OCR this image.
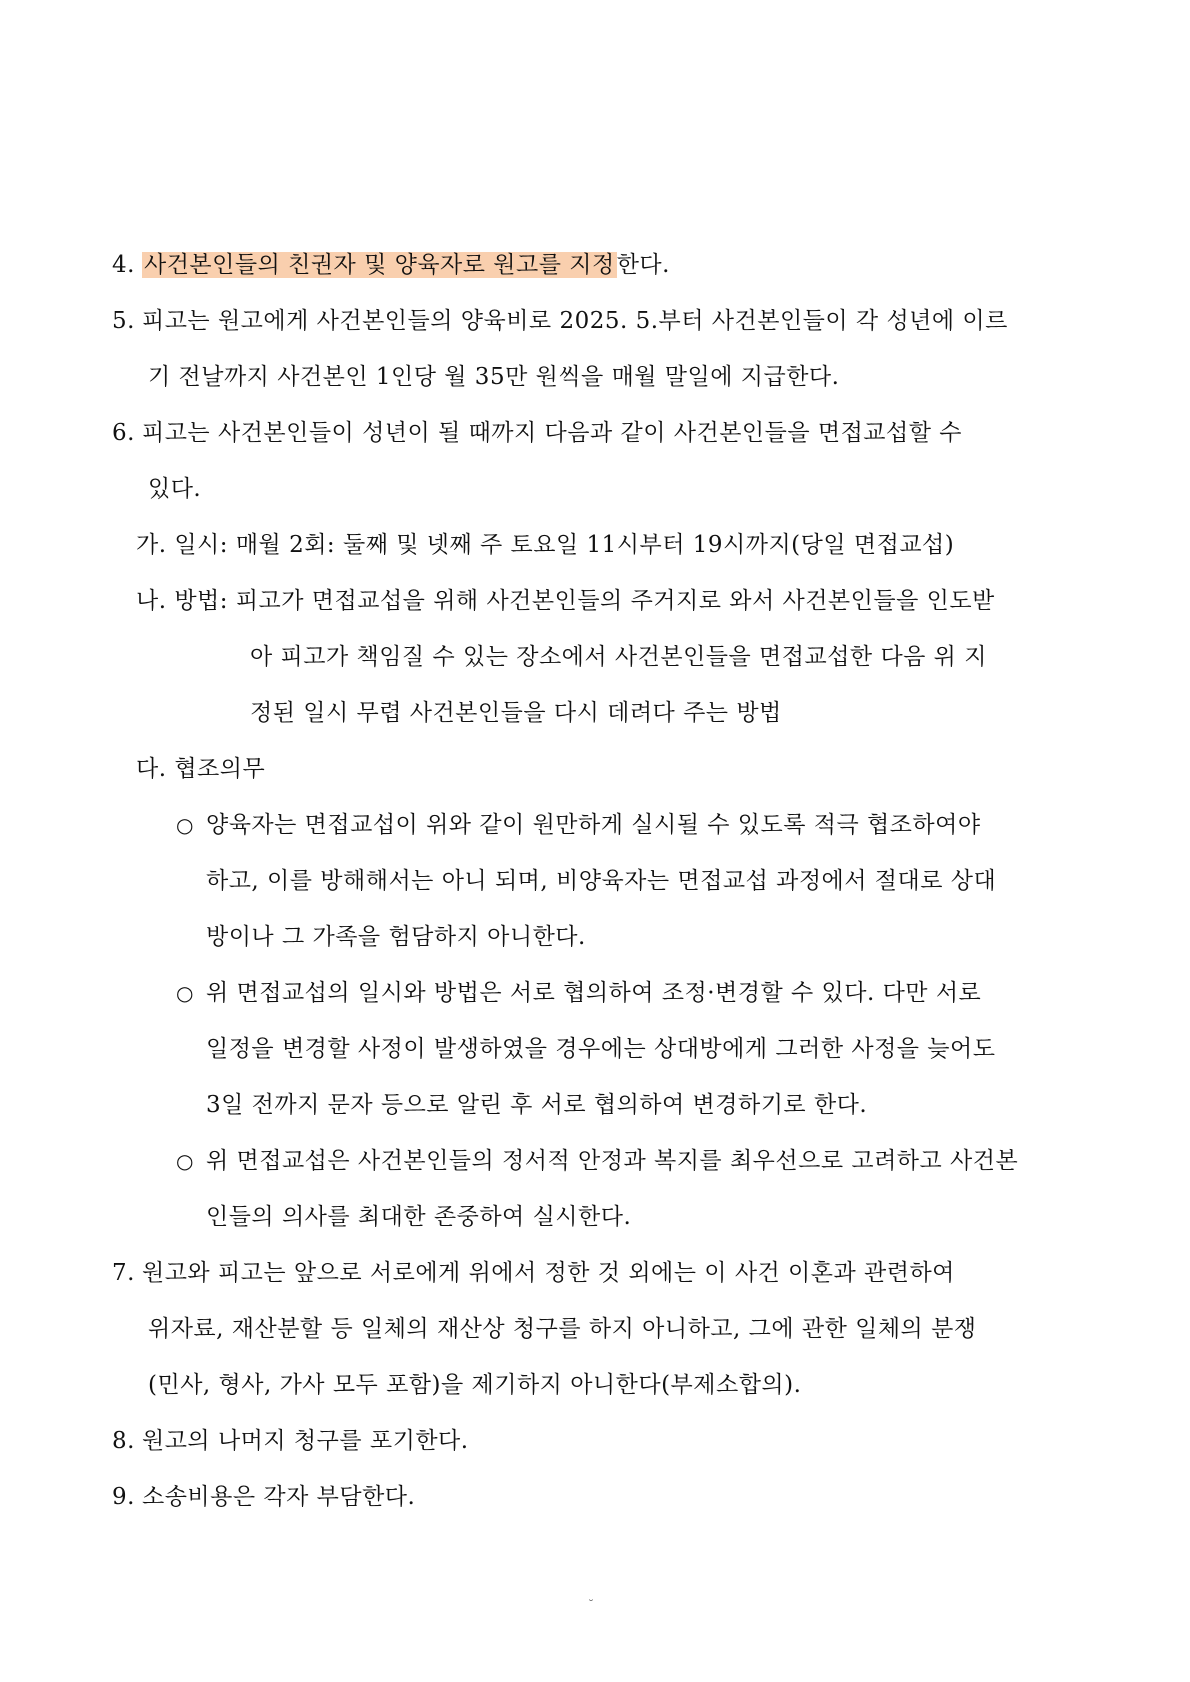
4. 사건본인들의 친권자 및 양육자로 원고를 지정한다.
5. 피고는 원고에게 사건본인들의 양육비로 2025. 5.부터 사건본인들이 각 성년에 이르
기 전날까지 사건본인 1인당 월 35만 원씩을 매월 말일에 지급한다.
6. 피고는 사건본인들이 성년이 될 때까지 다음과 같이 사건본인들을 면접교섭할 수
있다.
가. 일시: 매월 2회: 둘째 및 넷째 주 토요일 11시부터 19시까지(당일 면접교섭)
나. 방법: 피고가 면접교섭을 위해 사건본인들의 주거지로 와서 사건본인들을 인도받
아 피고가 책임질 수 있는 장소에서 사건본인들을 면접교섭한 다음 위 지
정된 일시 무렵 사건본인들을 다시 데려다 주는 방법
다. 협조의무
○ 양육자는 면접교섭이 위와 같이 원만하게 실시될 수 있도록 적극 협조하여야
하고, 이를 방해해서는 아니 되며, 비양육자는 면접교섭 과정에서 절대로 상대
방이나 그 가족을 험담하지 아니한다.
○ 위 면접교섭의 일시와 방법은 서로 협의하여 조정·변경할 수 있다. 다만 서로
일정을 변경할 사정이 발생하였을 경우에는 상대방에게 그러한 사정을 늦어도
3일 전까지 문자 등으로 알린 후 서로 협의하여 변경하기로 한다.
○ 위 면접교섭은 사건본인들의 정서적 안정과 복지를 최우선으로 고려하고 사건본
인들의 의사를 최대한 존중하여 실시한다.
7. 원고와 피고는 앞으로 서로에게 위에서 정한 것 외에는 이 사건 이혼과 관련하여
위자료, 재산분할 등 일체의 재산상 청구를 하지 아니하고, 그에 관한 일체의 분쟁
(민사, 형사, 가사 모두 포함)을 제기하지 아니한다(부제소합의).
8. 원고의 나머지 청구를 포기한다.
9. 소송비용은 각자 부담한다.
˘
